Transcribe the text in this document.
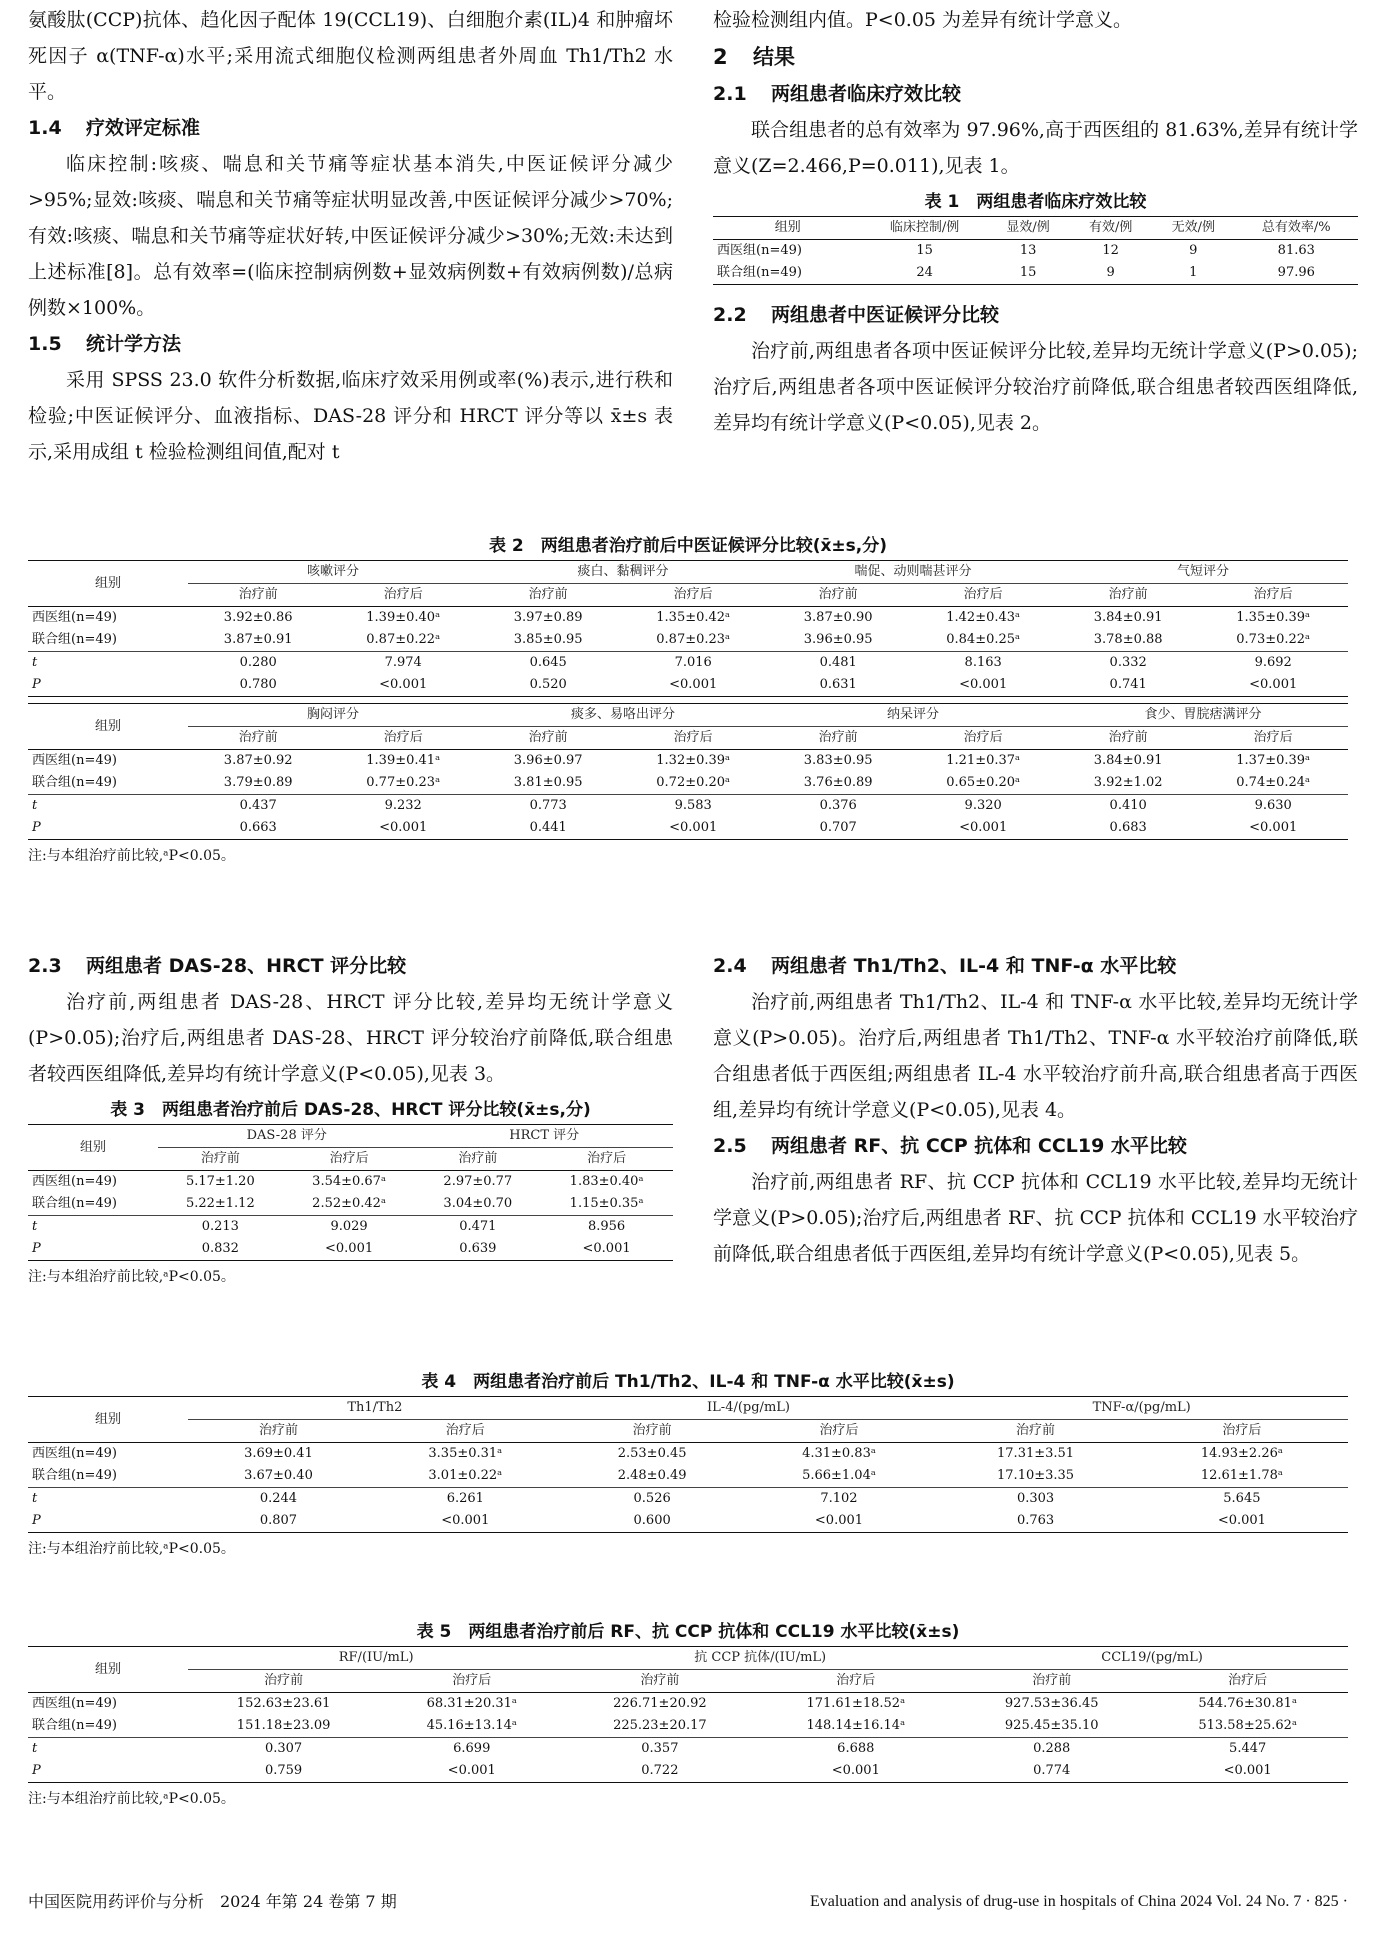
氨酸肽(CCP)抗体、趋化因子配体 19(CCL19)、白细胞介素(IL)4 和肿瘤坏死因子 α(TNF-α)水平;采用流式细胞仪检测两组患者外周血 Th1/Th2 水平。

1.4 疗效评定标准

临床控制:咳痰、喘息和关节痛等症状基本消失,中医证候评分减少>95%;显效:咳痰、喘息和关节痛等症状明显改善,中医证候评分减少>70%;有效:咳痰、喘息和关节痛等症状好转,中医证候评分减少>30%;无效:未达到上述标准[8]。总有效率=(临床控制病例数+显效病例数+有效病例数)/总病例数×100%。

1.5 统计学方法

采用 SPSS 23.0 软件分析数据,临床疗效采用例或率(%)表示,进行秩和检验;中医证候评分、血液指标、DAS-28 评分和 HRCT 评分等以 x̄±s 表示,采用成组 t 检验检测组间值,配对 t

检验检测组内值。P<0.05 为差异有统计学意义。

2 结果
2.1 两组患者临床疗效比较

联合组患者的总有效率为 97.96%,高于西医组的 81.63%,差异有统计学意义(Z=2.466,P=0.011),见表 1。

表 1　两组患者临床疗效比较
组别	临床控制/例	显效/例	有效/例	无效/例	总有效率/%
西医组(n=49)	15	13	12	9	81.63
联合组(n=49)	24	15	9	1	97.96
2.2 两组患者中医证候评分比较

治疗前,两组患者各项中医证候评分比较,差异均无统计学意义(P>0.05);治疗后,两组患者各项中医证候评分较治疗前降低,联合组患者较西医组降低,差异均有统计学意义(P<0.05),见表 2。

表 2　两组患者治疗前后中医证候评分比较(x̄±s,分)
组别	咳嗽评分		痰白、黏稠评分		喘促、动则喘甚评分		气短评分	
	治疗前	治疗后	治疗前	治疗后	治疗前	治疗后	治疗前	治疗后
西医组(n=49)	3.92±0.86	1.39±0.40ᵃ	3.97±0.89	1.35±0.42ᵃ	3.87±0.90	1.42±0.43ᵃ	3.84±0.91	1.35±0.39ᵃ
联合组(n=49)	3.87±0.91	0.87±0.22ᵃ	3.85±0.95	0.87±0.23ᵃ	3.96±0.95	0.84±0.25ᵃ	3.78±0.88	0.73±0.22ᵃ
t	0.280	7.974	0.645	7.016	0.481	8.163	0.332	9.692
P	0.780	<0.001	0.520	<0.001	0.631	<0.001	0.741	<0.001
组别	胸闷评分		痰多、易咯出评分		纳呆评分		食少、胃脘痞满评分	
	治疗前	治疗后	治疗前	治疗后	治疗前	治疗后	治疗前	治疗后
西医组(n=49)	3.87±0.92	1.39±0.41ᵃ	3.96±0.97	1.32±0.39ᵃ	3.83±0.95	1.21±0.37ᵃ	3.84±0.91	1.37±0.39ᵃ
联合组(n=49)	3.79±0.89	0.77±0.23ᵃ	3.81±0.95	0.72±0.20ᵃ	3.76±0.89	0.65±0.20ᵃ	3.92±1.02	0.74±0.24ᵃ
t	0.437	9.232	0.773	9.583	0.376	9.320	0.410	9.630
P	0.663	<0.001	0.441	<0.001	0.707	<0.001	0.683	<0.001
注:与本组治疗前比较,ᵃP<0.05。
2.3 两组患者 DAS-28、HRCT 评分比较

治疗前,两组患者 DAS-28、HRCT 评分比较,差异均无统计学意义(P>0.05);治疗后,两组患者 DAS-28、HRCT 评分较治疗前降低,联合组患者较西医组降低,差异均有统计学意义(P<0.05),见表 3。

表 3　两组患者治疗前后 DAS-28、HRCT 评分比较(x̄±s,分)
组别	DAS-28 评分		HRCT 评分	
	治疗前	治疗后	治疗前	治疗后
西医组(n=49)	5.17±1.20	3.54±0.67ᵃ	2.97±0.77	1.83±0.40ᵃ
联合组(n=49)	5.22±1.12	2.52±0.42ᵃ	3.04±0.70	1.15±0.35ᵃ
t	0.213	9.029	0.471	8.956
P	0.832	<0.001	0.639	<0.001
注:与本组治疗前比较,ᵃP<0.05。
2.4 两组患者 Th1/Th2、IL-4 和 TNF-α 水平比较

治疗前,两组患者 Th1/Th2、IL-4 和 TNF-α 水平比较,差异均无统计学意义(P>0.05)。治疗后,两组患者 Th1/Th2、TNF-α 水平较治疗前降低,联合组患者低于西医组;两组患者 IL-4 水平较治疗前升高,联合组患者高于西医组,差异均有统计学意义(P<0.05),见表 4。

2.5 两组患者 RF、抗 CCP 抗体和 CCL19 水平比较

治疗前,两组患者 RF、抗 CCP 抗体和 CCL19 水平比较,差异均无统计学意义(P>0.05);治疗后,两组患者 RF、抗 CCP 抗体和 CCL19 水平较治疗前降低,联合组患者低于西医组,差异均有统计学意义(P<0.05),见表 5。

表 4　两组患者治疗前后 Th1/Th2、IL-4 和 TNF-α 水平比较(x̄±s)
组别	Th1/Th2		IL-4/(pg/mL)		TNF-α/(pg/mL)	
	治疗前	治疗后	治疗前	治疗后	治疗前	治疗后
西医组(n=49)	3.69±0.41	3.35±0.31ᵃ	2.53±0.45	4.31±0.83ᵃ	17.31±3.51	14.93±2.26ᵃ
联合组(n=49)	3.67±0.40	3.01±0.22ᵃ	2.48±0.49	5.66±1.04ᵃ	17.10±3.35	12.61±1.78ᵃ
t	0.244	6.261	0.526	7.102	0.303	5.645
P	0.807	<0.001	0.600	<0.001	0.763	<0.001
注:与本组治疗前比较,ᵃP<0.05。
表 5　两组患者治疗前后 RF、抗 CCP 抗体和 CCL19 水平比较(x̄±s)
组别	RF/(IU/mL)		抗 CCP 抗体/(IU/mL)		CCL19/(pg/mL)	
	治疗前	治疗后	治疗前	治疗后	治疗前	治疗后
西医组(n=49)	152.63±23.61	68.31±20.31ᵃ	226.71±20.92	171.61±18.52ᵃ	927.53±36.45	544.76±30.81ᵃ
联合组(n=49)	151.18±23.09	45.16±13.14ᵃ	225.23±20.17	148.14±16.14ᵃ	925.45±35.10	513.58±25.62ᵃ
t	0.307	6.699	0.357	6.688	0.288	5.447
P	0.759	<0.001	0.722	<0.001	0.774	<0.001
注:与本组治疗前比较,ᵃP<0.05。
中国医院用药评价与分析　2024 年第 24 卷第 7 期	Evaluation and analysis of drug-use in hospitals of China 2024 Vol. 24 No. 7 · 825 ·
